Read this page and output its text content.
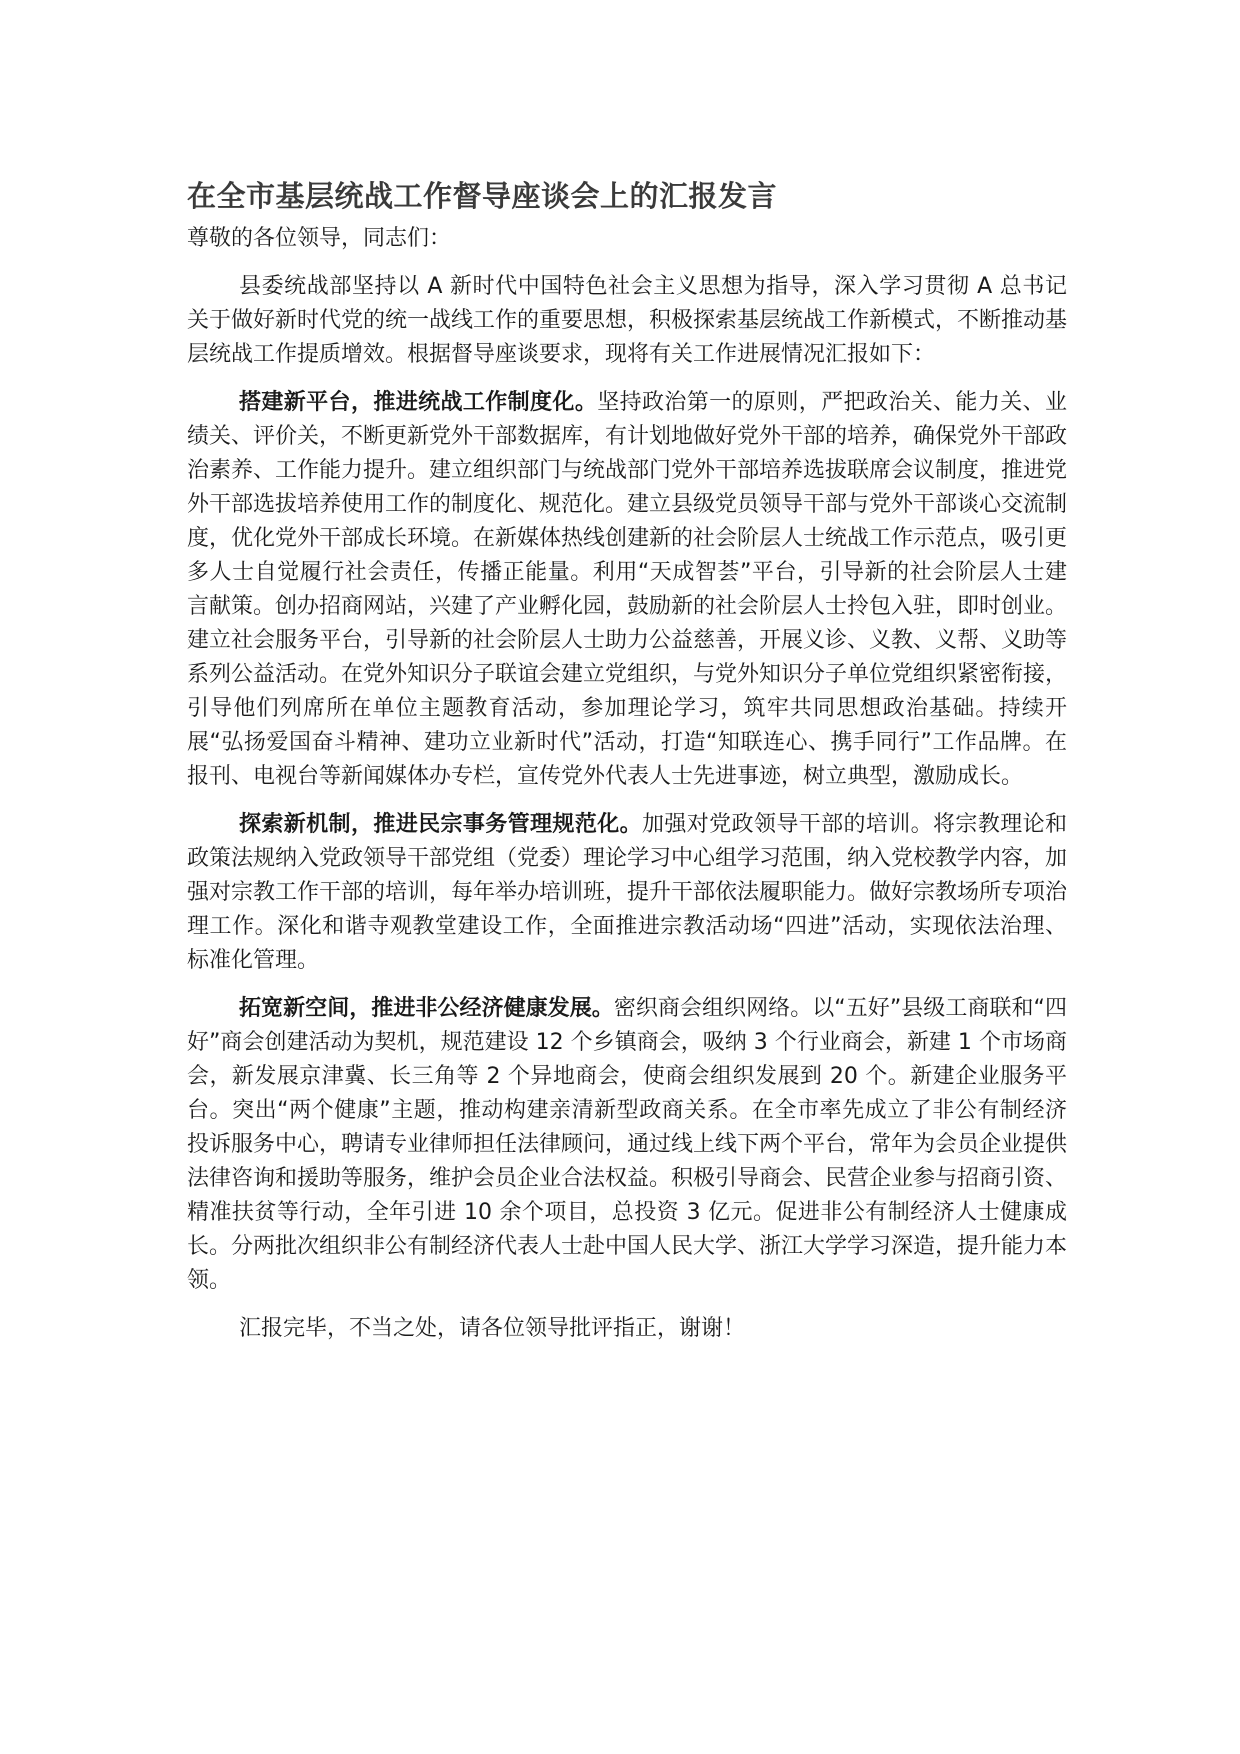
在全市基层统战工作督导座谈会上的汇报发言

尊敬的各位领导，同志们：

县委统战部坚持以 A 新时代中国特色社会主义思想为指导，深入学习贯彻 A 总书记关于做好新时代党的统一战线工作的重要思想，积极探索基层统战工作新模式，不断推动基层统战工作提质增效。根据督导座谈要求，现将有关工作进展情况汇报如下：

搭建新平台，推进统战工作制度化。坚持政治第一的原则，严把政治关、能力关、业绩关、评价关，不断更新党外干部数据库，有计划地做好党外干部的培养，确保党外干部政治素养、工作能力提升。建立组织部门与统战部门党外干部培养选拔联席会议制度，推进党外干部选拔培养使用工作的制度化、规范化。建立县级党员领导干部与党外干部谈心交流制度，优化党外干部成长环境。在新媒体热线创建新的社会阶层人士统战工作示范点，吸引更多人士自觉履行社会责任，传播正能量。利用“天成智荟”平台，引导新的社会阶层人士建言献策。创办招商网站，兴建了产业孵化园，鼓励新的社会阶层人士拎包入驻，即时创业。建立社会服务平台，引导新的社会阶层人士助力公益慈善，开展义诊、义教、义帮、义助等系列公益活动。在党外知识分子联谊会建立党组织，与党外知识分子单位党组织紧密衔接，引导他们列席所在单位主题教育活动，参加理论学习，筑牢共同思想政治基础。持续开展“弘扬爱国奋斗精神、建功立业新时代”活动，打造“知联连心、携手同行”工作品牌。在报刊、电视台等新闻媒体办专栏，宣传党外代表人士先进事迹，树立典型，激励成长。

探索新机制，推进民宗事务管理规范化。加强对党政领导干部的培训。将宗教理论和政策法规纳入党政领导干部党组（党委）理论学习中心组学习范围，纳入党校教学内容，加强对宗教工作干部的培训，每年举办培训班，提升干部依法履职能力。做好宗教场所专项治理工作。深化和谐寺观教堂建设工作，全面推进宗教活动场“四进”活动，实现依法治理、标准化管理。

拓宽新空间，推进非公经济健康发展。密织商会组织网络。以“五好”县级工商联和“四好”商会创建活动为契机，规范建设 12 个乡镇商会，吸纳 3 个行业商会，新建 1 个市场商会，新发展京津冀、长三角等 2 个异地商会，使商会组织发展到 20 个。新建企业服务平台。突出“两个健康”主题，推动构建亲清新型政商关系。在全市率先成立了非公有制经济投诉服务中心，聘请专业律师担任法律顾问，通过线上线下两个平台，常年为会员企业提供法律咨询和援助等服务，维护会员企业合法权益。积极引导商会、民营企业参与招商引资、精准扶贫等行动，全年引进 10 余个项目，总投资 3 亿元。促进非公有制经济人士健康成长。分两批次组织非公有制经济代表人士赴中国人民大学、浙江大学学习深造，提升能力本领。

汇报完毕，不当之处，请各位领导批评指正，谢谢！
